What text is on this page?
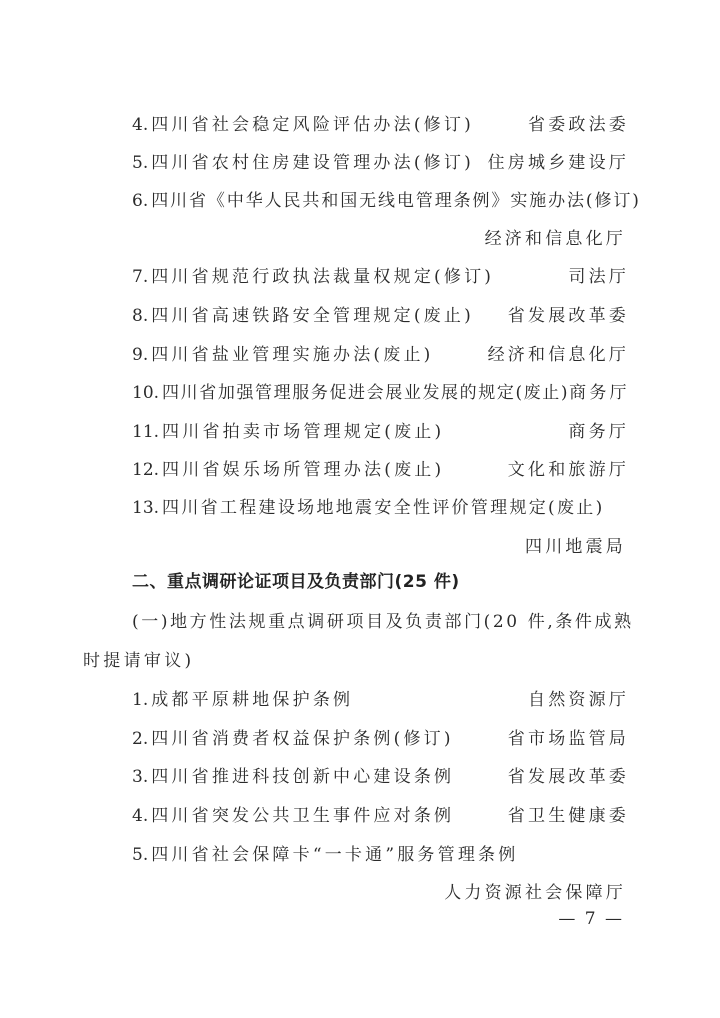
4. 四川省社会稳定风险评估办法(修订)	省委政法委
5. 四川省农村住房建设管理办法(修订) 住房城乡建设厅
6. 四川省《中华人民共和国无线电管理条例》实施办法(修订)
经济和信息化厅
7. 四川省规范行政执法裁量权规定(修订)	司法厅
8. 四川省高速铁路安全管理规定(废止) 省发展改革委
9. 四川省盐业管理实施办法(废止)	经济和信息化厅
10. 四川省加强管理服务促进会展业发展的规定(废止) 商务厅
11. 四川省拍卖市场管理规定(废止)	商务厅
12. 四川省娱乐场所管理办法(废止)	文化和旅游厅
13. 四川省工程建设场地地震安全性评价管理规定(废止)
四川地震局
二、重点调研论证项目及负责部门(25 件)
(一)地方性法规重点调研项目及负责部门(20 件,条件成熟
时提请审议)
1. 成都平原耕地保护条例	自然资源厅
2. 四川省消费者权益保护条例(修订)	省市场监管局
3. 四川省推进科技创新中心建设条例	省发展改革委
4. 四川省突发公共卫生事件应对条例	省卫生健康委
5. 四川省社会保障卡“一卡通”服务管理条例
人力资源社会保障厅
— 7 —
